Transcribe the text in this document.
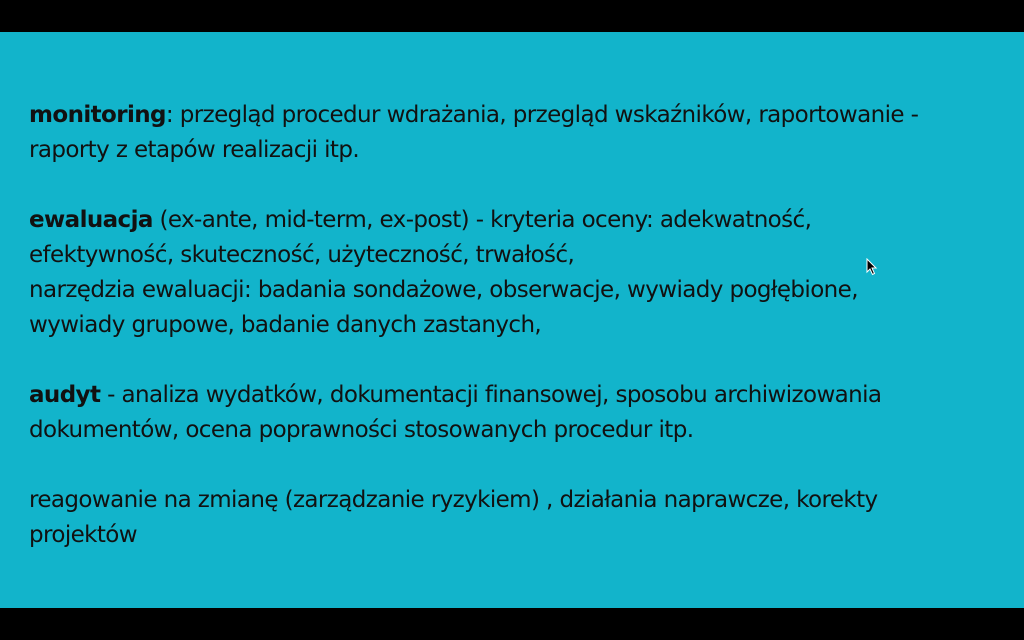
monitoring: przegląd procedur wdrażania, przegląd wskaźników, raportowanie -
raporty z etapów realizacji itp.

ewaluacja (ex-ante, mid-term, ex-post) - kryteria oceny: adekwatność,
efektywność, skuteczność, użyteczność, trwałość,
narzędzia ewaluacji: badania sondażowe, obserwacje, wywiady pogłębione,
wywiady grupowe, badanie danych zastanych,

audyt - analiza wydatków, dokumentacji finansowej, sposobu archiwizowania
dokumentów, ocena poprawności stosowanych procedur itp.

reagowanie na zmianę (zarządzanie ryzykiem) , działania naprawcze, korekty
projektów
